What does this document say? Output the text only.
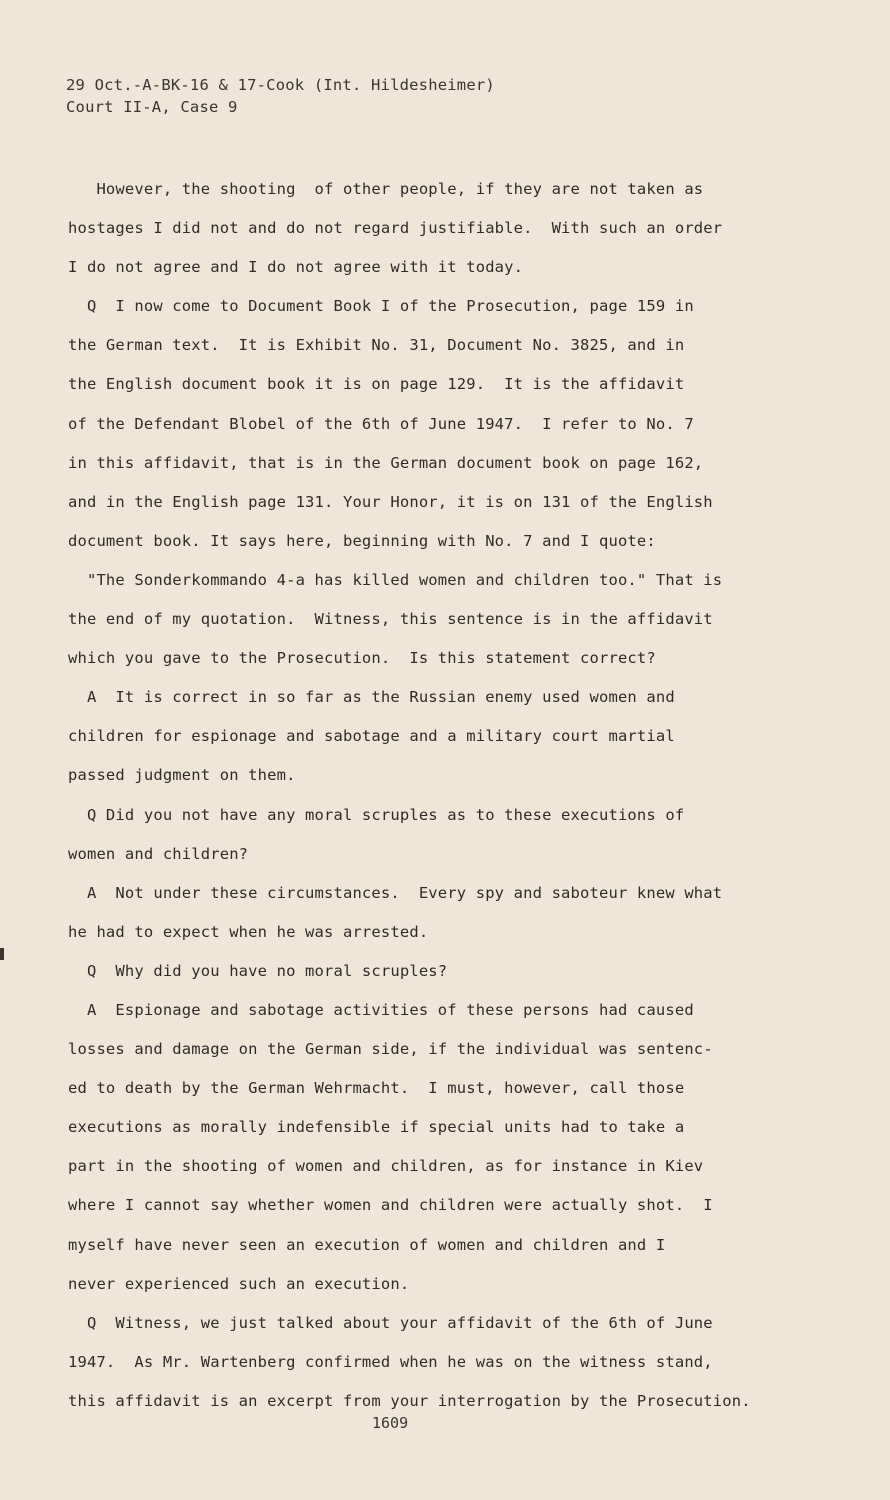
29 Oct.-A-BK-16 & 17-Cook (Int. Hildesheimer)
Court II-A, Case 9
However, the shooting  of other people, if they are not taken as
hostages I did not and do not regard justifiable.  With such an order
I do not agree and I do not agree with it today.
Q  I now come to Document Book I of the Prosecution, page 159 in
the German text.  It is Exhibit No. 31, Document No. 3825, and in
the English document book it is on page 129.  It is the affidavit
of the Defendant Blobel of the 6th of June 1947.  I refer to No. 7
in this affidavit, that is in the German document book on page 162,
and in the English page 131. Your Honor, it is on 131 of the English
document book. It says here, beginning with No. 7 and I quote:
"The Sonderkommando 4-a has killed women and children too." That is
the end of my quotation.  Witness, this sentence is in the affidavit
which you gave to the Prosecution.  Is this statement correct?
A  It is correct in so far as the Russian enemy used women and
children for espionage and sabotage and a military court martial
passed judgment on them.
Q Did you not have any moral scruples as to these executions of
women and children?
A  Not under these circumstances.  Every spy and saboteur knew what
he had to expect when he was arrested.
Q  Why did you have no moral scruples?
A  Espionage and sabotage activities of these persons had caused
losses and damage on the German side, if the individual was sentenc-
ed to death by the German Wehrmacht.  I must, however, call those
executions as morally indefensible if special units had to take a
part in the shooting of women and children, as for instance in Kiev
where I cannot say whether women and children were actually shot.  I
myself have never seen an execution of women and children and I
never experienced such an execution.
Q  Witness, we just talked about your affidavit of the 6th of June
1947.  As Mr. Wartenberg confirmed when he was on the witness stand,
this affidavit is an excerpt from your interrogation by the Prosecution.
1609
